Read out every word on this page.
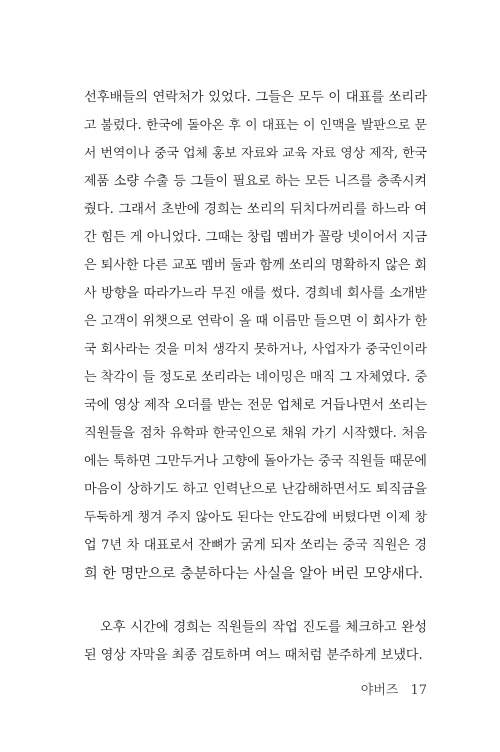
선후배들의 연락처가 있었다. 그들은 모두 이 대표를 쏘리라
고 불렀다. 한국에 돌아온 후 이 대표는 이 인맥을 발판으로 문
서 번역이나 중국 업체 홍보 자료와 교육 자료 영상 제작, 한국
제품 소량 수출 등 그들이 필요로 하는 모든 니즈를 충족시켜
줬다. 그래서 초반에 경희는 쏘리의 뒤치다꺼리를 하느라 여
간 힘든 게 아니었다. 그때는 창립 멤버가 꼴랑 넷이어서 지금
은 퇴사한 다른 교포 멤버 둘과 함께 쏘리의 명확하지 않은 회
사 방향을 따라가느라 무진 애를 썼다. 경희네 회사를 소개받
은 고객이 위챗으로 연락이 올 때 이름만 들으면 이 회사가 한
국 회사라는 것을 미처 생각지 못하거나, 사업자가 중국인이라
는 착각이 들 정도로 쏘리라는 네이밍은 매직 그 자체였다. 중
국에 영상 제작 오더를 받는 전문 업체로 거듭나면서 쏘리는
직원들을 점차 유학파 한국인으로 채워 가기 시작했다. 처음
에는 툭하면 그만두거나 고향에 돌아가는 중국 직원들 때문에
마음이 상하기도 하고 인력난으로 난감해하면서도 퇴직금을
두둑하게 챙겨 주지 않아도 된다는 안도감에 버텼다면 이제 창
업 7년 차 대표로서 잔뼈가 굵게 되자 쏘리는 중국 직원은 경
희 한 명만으로 충분하다는 사실을 알아 버린 모양새다.
오후 시간에 경희는 직원들의 작업 진도를 체크하고 완성
된 영상 자막을 최종 검토하며 여느 때처럼 분주하게 보냈다.
야버즈 17
